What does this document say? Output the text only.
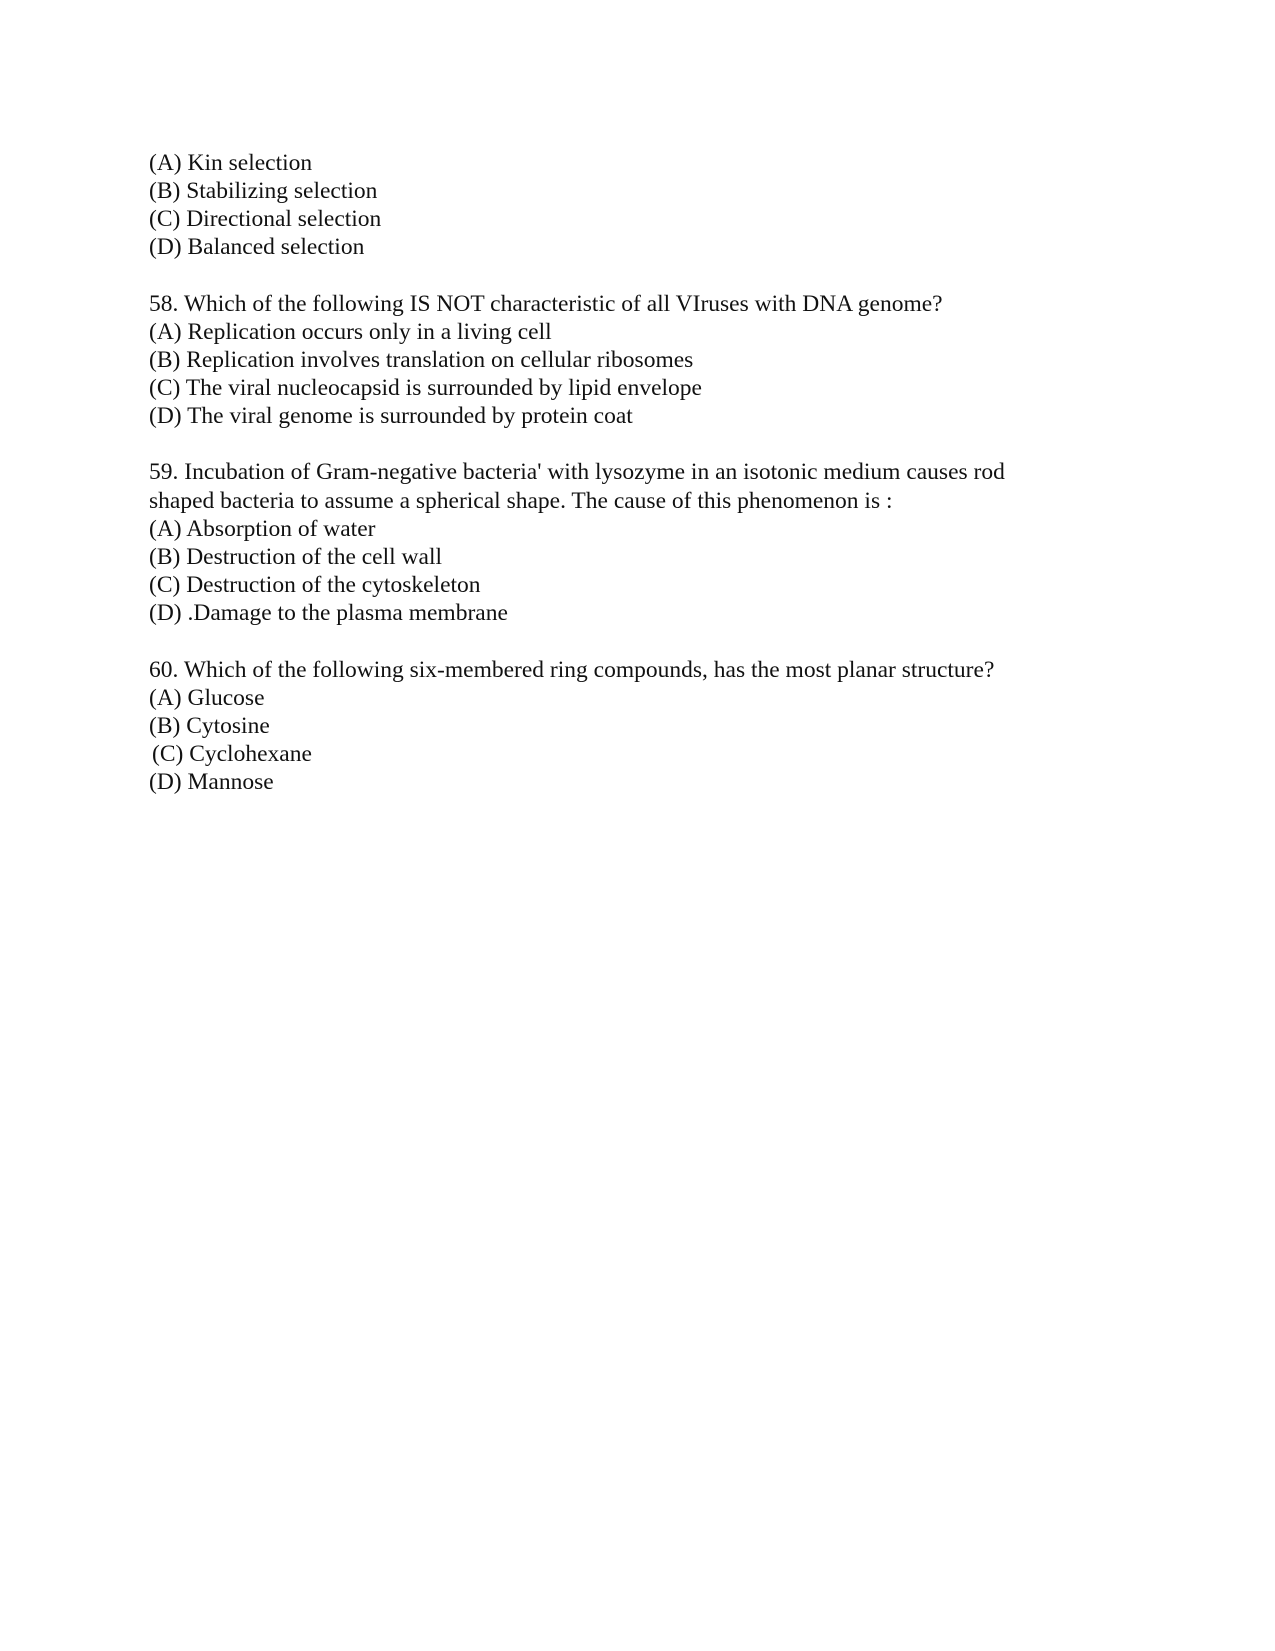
(A) Kin selection

(B) Stabilizing selection

(C) Directional selection

(D) Balanced selection

58. Which of the following IS NOT characteristic of all VIruses with DNA genome?

(A) Replication occurs only in a living cell

(B) Replication involves translation on cellular ribosomes

(C) The viral nucleocapsid is surrounded by lipid envelope

(D) The viral genome is surrounded by protein coat

59. Incubation of Gram-negative bacteria' with lysozyme in an isotonic medium causes rod

shaped bacteria to assume a spherical shape. The cause of this phenomenon is :

(A) Absorption of water

(B) Destruction of the cell wall

(C) Destruction of the cytoskeleton

(D) .Damage to the plasma membrane

60. Which of the following six-membered ring compounds, has the most planar structure?

(A) Glucose

(B) Cytosine

(C) Cyclohexane

(D) Mannose
